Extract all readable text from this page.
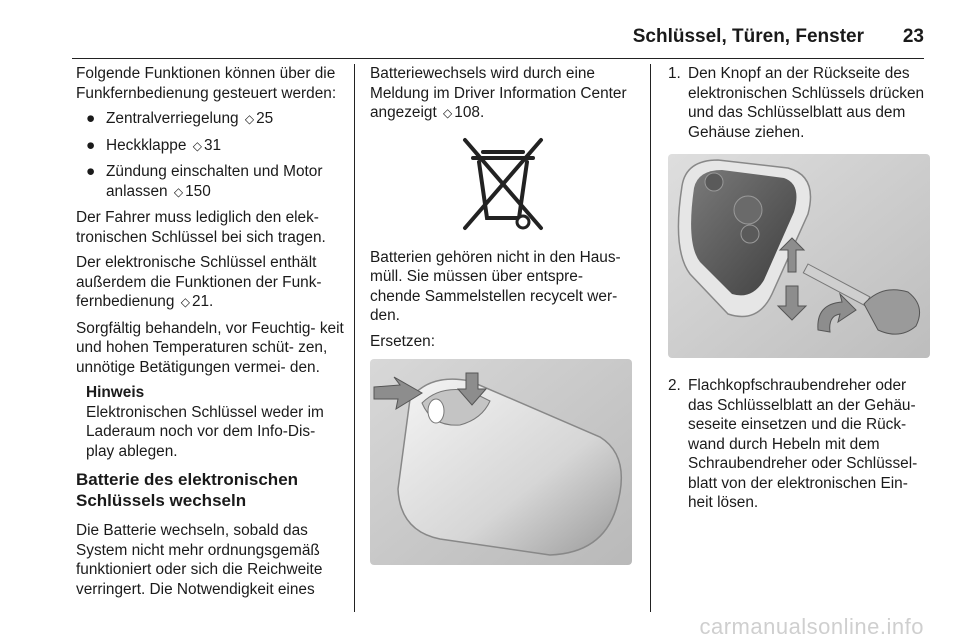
Schlüssel, Türen, Fenster 23

Folgende Funktionen können über die Funkfernbedienung gesteuert werden:

● Zentralverriegelung ◇ 25
● Heckklappe ◇ 31
● Zündung einschalten und Motor anlassen ◇ 150

Der Fahrer muss lediglich den elek- tronischen Schlüssel bei sich tragen.

Der elektronische Schlüssel enthält außerdem die Funktionen der Funk- fernbedienung ◇ 21.

Sorgfältig behandeln, vor Feuchtig- keit und hohen Temperaturen schüt- zen, unnötige Betätigungen vermei- den.

Hinweis
Elektronischen Schlüssel weder im Laderaum noch vor dem Info-Dis- play ablegen.
Batterie des elektronischen Schlüssels wechseln

Die Batterie wechseln, sobald das System nicht mehr ordnungsgemäß funktioniert oder sich die Reichweite verringert. Die Notwendigkeit eines

Batteriewechsels wird durch eine Meldung im Driver Information Center angezeigt ◇ 108.

Batterien gehören nicht in den Haus- müll. Sie müssen über entspre- chende Sammelstellen recycelt wer- den.

Ersetzen:

1. Den Knopf an der Rückseite des elektronischen Schlüssels drücken und das Schlüsselblatt aus dem Gehäuse ziehen.
2. Flachkopfschraubendreher oder das Schlüsselblatt an der Gehäu- seseite einsetzen und die Rück- wand durch Hebeln mit dem Schraubendreher oder Schlüssel- blatt von der elektronischen Ein- heit lösen.
carmanualsonline.info
